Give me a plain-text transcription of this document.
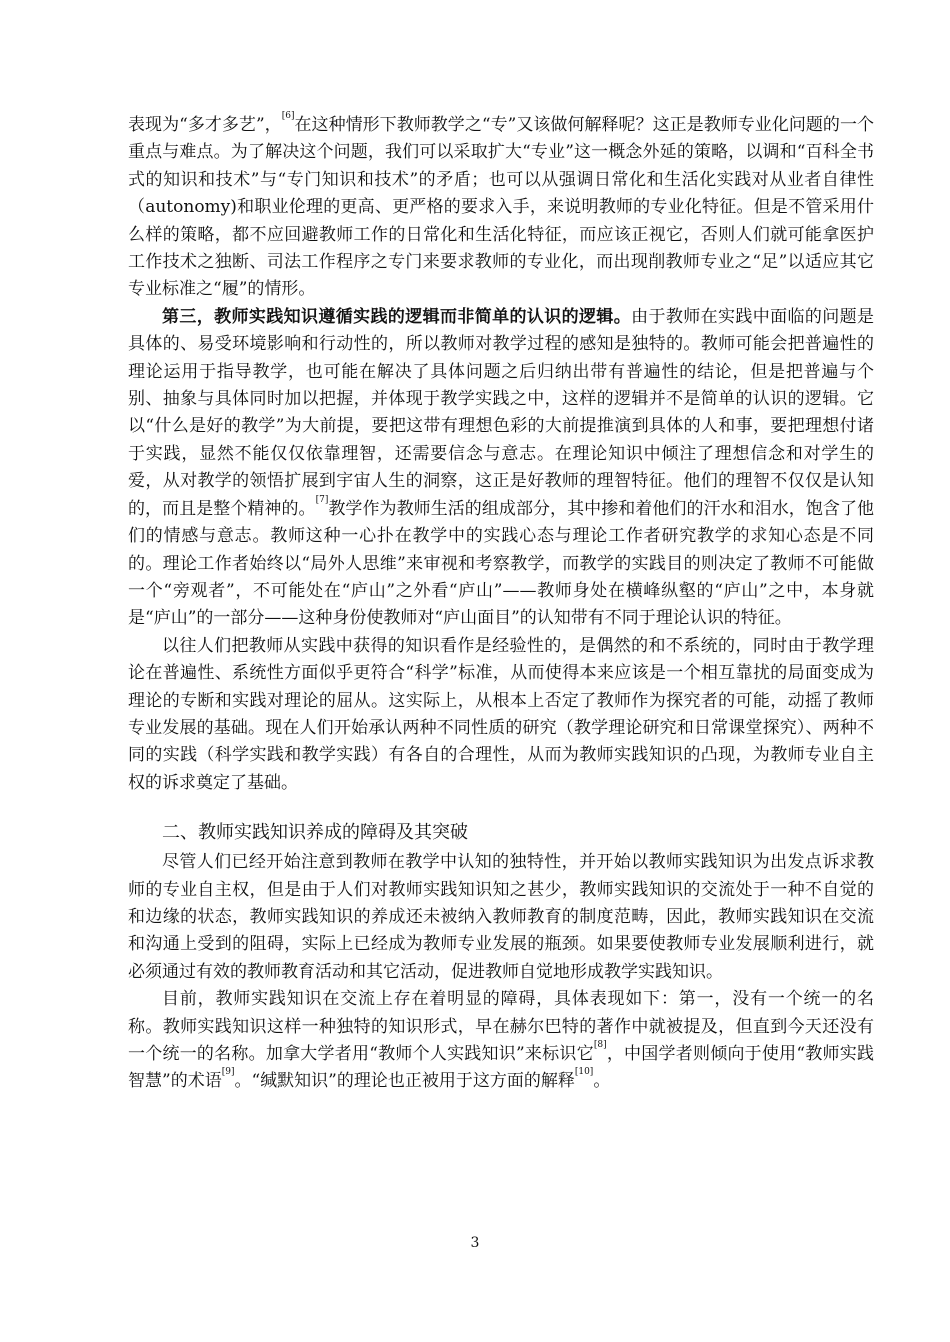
表现为“多才多艺”，[6]在这种情形下教师教学之“专”又该做何解释呢？这正是教师专业化问题的一个重点与难点。为了解决这个问题，我们可以采取扩大“专业”这一概念外延的策略，以调和“百科全书式的知识和技术”与“专门知识和技术”的矛盾；也可以从强调日常化和生活化实践对从业者自律性（autonomy)和职业伦理的更高、更严格的要求入手，来说明教师的专业化特征。但是不管采用什么样的策略，都不应回避教师工作的日常化和生活化特征，而应该正视它，否则人们就可能拿医护工作技术之独断、司法工作程序之专门来要求教师的专业化，而出现削教师专业之“足”以适应其它专业标准之“履”的情形。

第三，教师实践知识遵循实践的逻辑而非简单的认识的逻辑。由于教师在实践中面临的问题是具体的、易受环境影响和行动性的，所以教师对教学过程的感知是独特的。教师可能会把普遍性的理论运用于指导教学，也可能在解决了具体问题之后归纳出带有普遍性的结论，但是把普遍与个别、抽象与具体同时加以把握，并体现于教学实践之中，这样的逻辑并不是简单的认识的逻辑。它以“什么是好的教学”为大前提，要把这带有理想色彩的大前提推演到具体的人和事，要把理想付诸于实践，显然不能仅仅依靠理智，还需要信念与意志。在理论知识中倾注了理想信念和对学生的爱，从对教学的领悟扩展到宇宙人生的洞察，这正是好教师的理智特征。他们的理智不仅仅是认知的，而且是整个精神的。[7]教学作为教师生活的组成部分，其中掺和着他们的汗水和泪水，饱含了他们的情感与意志。教师这种一心扑在教学中的实践心态与理论工作者研究教学的求知心态是不同的。理论工作者始终以“局外人思维”来审视和考察教学，而教学的实践目的则决定了教师不可能做一个“旁观者”，不可能处在“庐山”之外看“庐山”——教师身处在横峰纵壑的“庐山”之中，本身就是“庐山”的一部分——这种身份使教师对“庐山面目”的认知带有不同于理论认识的特征。

以往人们把教师从实践中获得的知识看作是经验性的，是偶然的和不系统的，同时由于教学理论在普遍性、系统性方面似乎更符合“科学”标准，从而使得本来应该是一个相互靠扰的局面变成为理论的专断和实践对理论的屈从。这实际上，从根本上否定了教师作为探究者的可能，动摇了教师专业发展的基础。现在人们开始承认两种不同性质的研究（教学理论研究和日常课堂探究）、两种不同的实践（科学实践和教学实践）有各自的合理性，从而为教师实践知识的凸现，为教师专业自主权的诉求奠定了基础。

二、教师实践知识养成的障碍及其突破

尽管人们已经开始注意到教师在教学中认知的独特性，并开始以教师实践知识为出发点诉求教师的专业自主权，但是由于人们对教师实践知识知之甚少，教师实践知识的交流处于一种不自觉的和边缘的状态，教师实践知识的养成还未被纳入教师教育的制度范畴，因此，教师实践知识在交流和沟通上受到的阻碍，实际上已经成为教师专业发展的瓶颈。如果要使教师专业发展顺利进行，就必须通过有效的教师教育活动和其它活动，促进教师自觉地形成教学实践知识。

目前，教师实践知识在交流上存在着明显的障碍，具体表现如下：第一，没有一个统一的名称。教师实践知识这样一种独特的知识形式，早在赫尔巴特的著作中就被提及，但直到今天还没有一个统一的名称。加拿大学者用“教师个人实践知识”来标识它[8]，中国学者则倾向于使用“教师实践智慧”的术语[9]。“缄默知识”的理论也正被用于这方面的解释[10]。

3
